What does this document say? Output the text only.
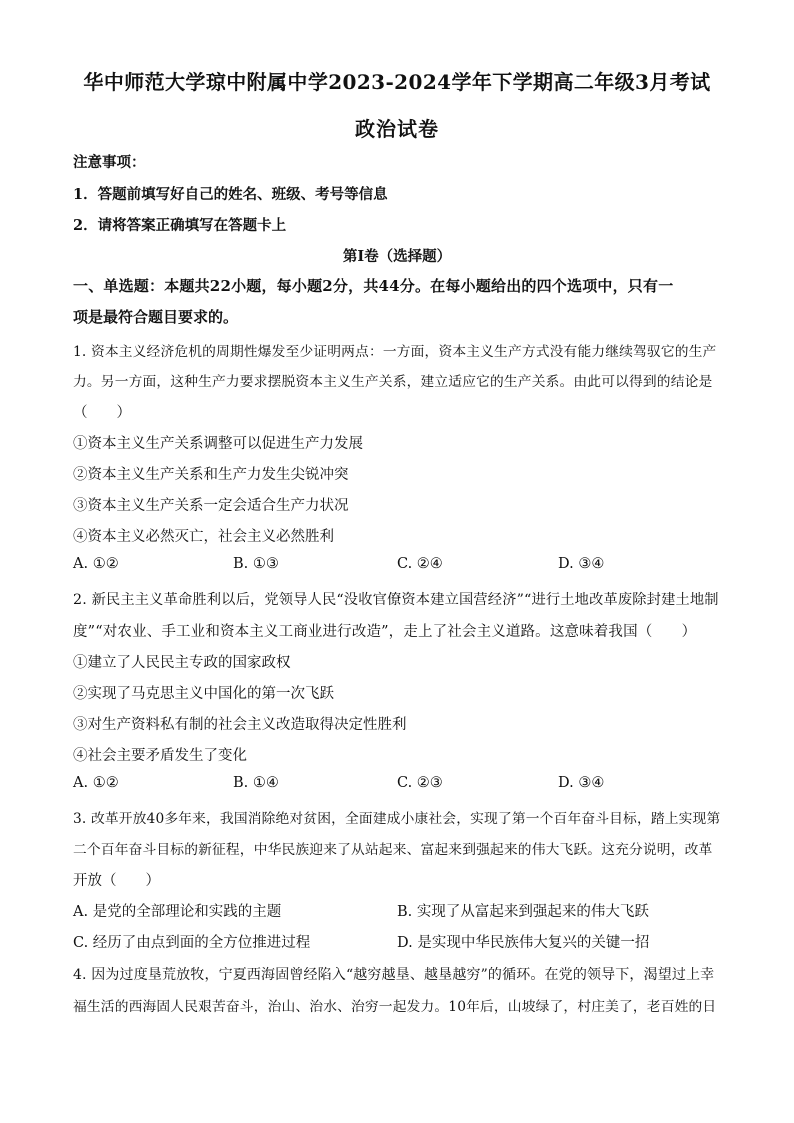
华中师范大学琼中附属中学2023-2024学年下学期高二年级3月考试
政治试卷
注意事项：
1．答题前填写好自己的姓名、班级、考号等信息
2．请将答案正确填写在答题卡上
第Ⅰ卷（选择题）
一、单选题：本题共22小题，每小题2分，共44分。在每小题给出的四个选项中，只有一
项是最符合题目要求的。
1. 资本主义经济危机的周期性爆发至少证明两点：一方面，资本主义生产方式没有能力继续驾驭它的生产
力。另一方面，这种生产力要求摆脱资本主义生产关系，建立适应它的生产关系。由此可以得到的结论是
（　　）
①资本主义生产关系调整可以促进生产力发展
②资本主义生产关系和生产力发生尖锐冲突
③资本主义生产关系一定会适合生产力状况
④资本主义必然灭亡，社会主义必然胜利
A. ①②	B. ①③	C. ②④	D. ③④
2. 新民主主义革命胜利以后，党领导人民“没收官僚资本建立国营经济”“进行土地改革废除封建土地制
度”“对农业、手工业和资本主义工商业进行改造”，走上了社会主义道路。这意味着我国（　　）
①建立了人民民主专政的国家政权
②实现了马克思主义中国化的第一次飞跃
③对生产资料私有制的社会主义改造取得决定性胜利
④社会主要矛盾发生了变化
A. ①②	B. ①④	C. ②③	D. ③④
3. 改革开放40多年来，我国消除绝对贫困，全面建成小康社会，实现了第一个百年奋斗目标，踏上实现第
二个百年奋斗目标的新征程，中华民族迎来了从站起来、富起来到强起来的伟大飞跃。这充分说明，改革
开放（　　）
A. 是党的全部理论和实践的主题	B. 实现了从富起来到强起来的伟大飞跃
C. 经历了由点到面的全方位推进过程	D. 是实现中华民族伟大复兴的关键一招
4. 因为过度垦荒放牧，宁夏西海固曾经陷入“越穷越垦、越垦越穷”的循环。在党的领导下，渴望过上幸
福生活的西海固人民艰苦奋斗，治山、治水、治穷一起发力。10年后，山坡绿了，村庄美了，老百姓的日
